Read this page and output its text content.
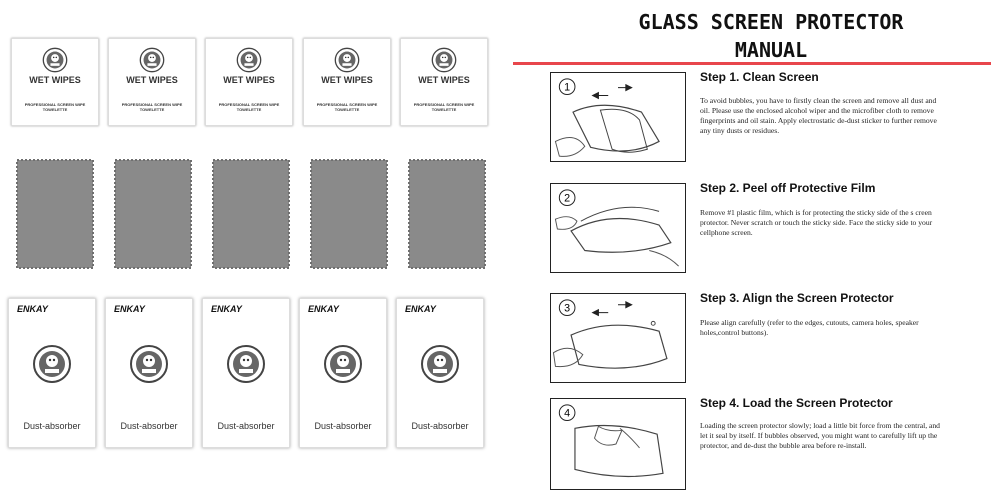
WET WIPES
PROFESSIONAL SCREEN WIPE TOWELETTE
WET WIPES
PROFESSIONAL SCREEN WIPE TOWELETTE
WET WIPES
PROFESSIONAL SCREEN WIPE TOWELETTE
WET WIPES
PROFESSIONAL SCREEN WIPE TOWELETTE
WET WIPES
PROFESSIONAL SCREEN WIPE TOWELETTE
ENKAY
Dust-absorber
ENKAY
Dust-absorber
ENKAY
Dust-absorber
ENKAY
Dust-absorber
ENKAY
Dust-absorber
GLASS SCREEN PROTECTOR
MANUAL
1
Step 1. Clean Screen
To avoid bubbles, you have to firstly clean the screen and remove all dust and oil. Please use the enclosed alcohol wiper and the microfiber cloth to remove fingerprints and oil stain. Apply electrostatic de-dust sticker to further remove any tiny dusts or residues.
2
Step 2. Peel off Protective Film
Remove #1 plastic film, which is for protecting the sticky side of the s creen protector. Never scratch or touch the sticky side. Face the sticky side to your cellphone screen.
3
Step 3. Align the Screen Protector
Please align carefully (refer to the edges, cutouts, camera holes, speaker holes,control buttons).
4
Step 4. Load the Screen Protector
Loading the screen protector slowly; load a little bit force from the central, and let it seal by itself. If bubbles observed, you might want to carefully lift up the protector, and de-dust the bubble area before re-install.
